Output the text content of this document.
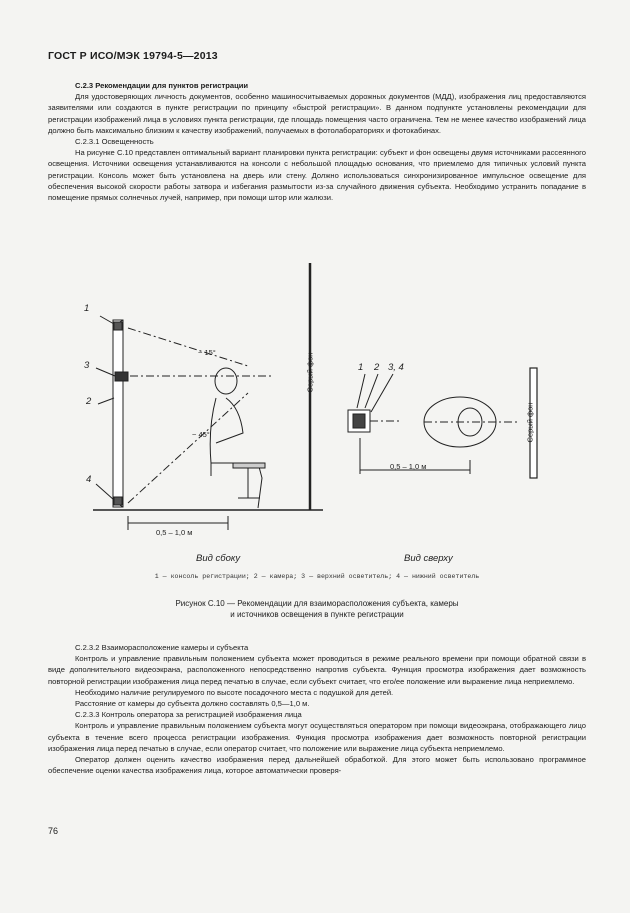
ГОСТ Р ИСО/МЭК 19794-5—2013

С.2.3 Рекомендации для пунктов регистрации

Для удостоверяющих личность документов, особенно машиносчитываемых дорожных документов (МДД), изображения лиц предоставляются заявителями или создаются в пункте регистрации по принципу «быстрой регистрации». В данном подпункте установлены рекомендации для регистрации изображений лица в условиях пункта регистрации, где площадь помещения часто ограничена. Тем не менее качество изображений лица должно быть максимально близким к качеству изображений, получаемых в фотолабораториях и фотокабинах.

С.2.3.1 Освещенность

На рисунке С.10 представлен оптимальный вариант планировки пункта регистрации: субъект и фон освещены двумя источниками рассеянного освещения. Источники освещения устанавливаются на консоли с небольшой площадью основания, что приемлемо для типичных условий пункта регистрации. Консоль может быть установлена на дверь или стену. Должно использоваться синхронизированное импульсное освещение для обеспечения высокой скорости работы затвора и избегания размытости из-за случайного движения субъекта. Необходимо устранить попадание в помещение прямых солнечных лучей, например, при помощи штор или жалюзи.

1
3
2
4
~ 15°
~ 45°
0,5 – 1,0 м
Серый фон
Вид сбоку
1 2 3, 4
0,5 – 1,0 м
Серый фон
Вид сверху
1 — консоль регистрации; 2 — камера; 3 — верхний осветитель; 4 — нижний осветитель
Рисунок С.10 — Рекомендации для взаиморасположения субъекта, камеры
и источников освещения в пункте регистрации

С.2.3.2 Взаиморасположение камеры и субъекта

Контроль и управление правильным положением субъекта может проводиться в режиме реального времени при помощи обратной связи в виде дополнительного видеоэкрана, расположенного непосредственно напротив субъекта. Функция просмотра изображения дает возможность повторной регистрации изображения лица перед печатью в случае, если субъект считает, что его/ее положение или выражение лица неприемлемо.

Необходимо наличие регулируемого по высоте посадочного места с подушкой для детей.

Расстояние от камеры до субъекта должно составлять 0,5—1,0 м.

С.2.3.3 Контроль оператора за регистрацией изображения лица

Контроль и управление правильным положением субъекта могут осуществляться оператором при помощи видеоэкрана, отображающего лицо субъекта в течение всего процесса регистрации изображения. Функция просмотра изображения дает возможность повторной регистрации изображения лица перед печатью в случае, если оператор считает, что положение или выражение лица субъекта неприемлемо.

Оператор должен оценить качество изображения перед дальнейшей обработкой. Для этого может быть использовано программное обеспечение оценки качества изображения лица, которое автоматически проверя-

76
